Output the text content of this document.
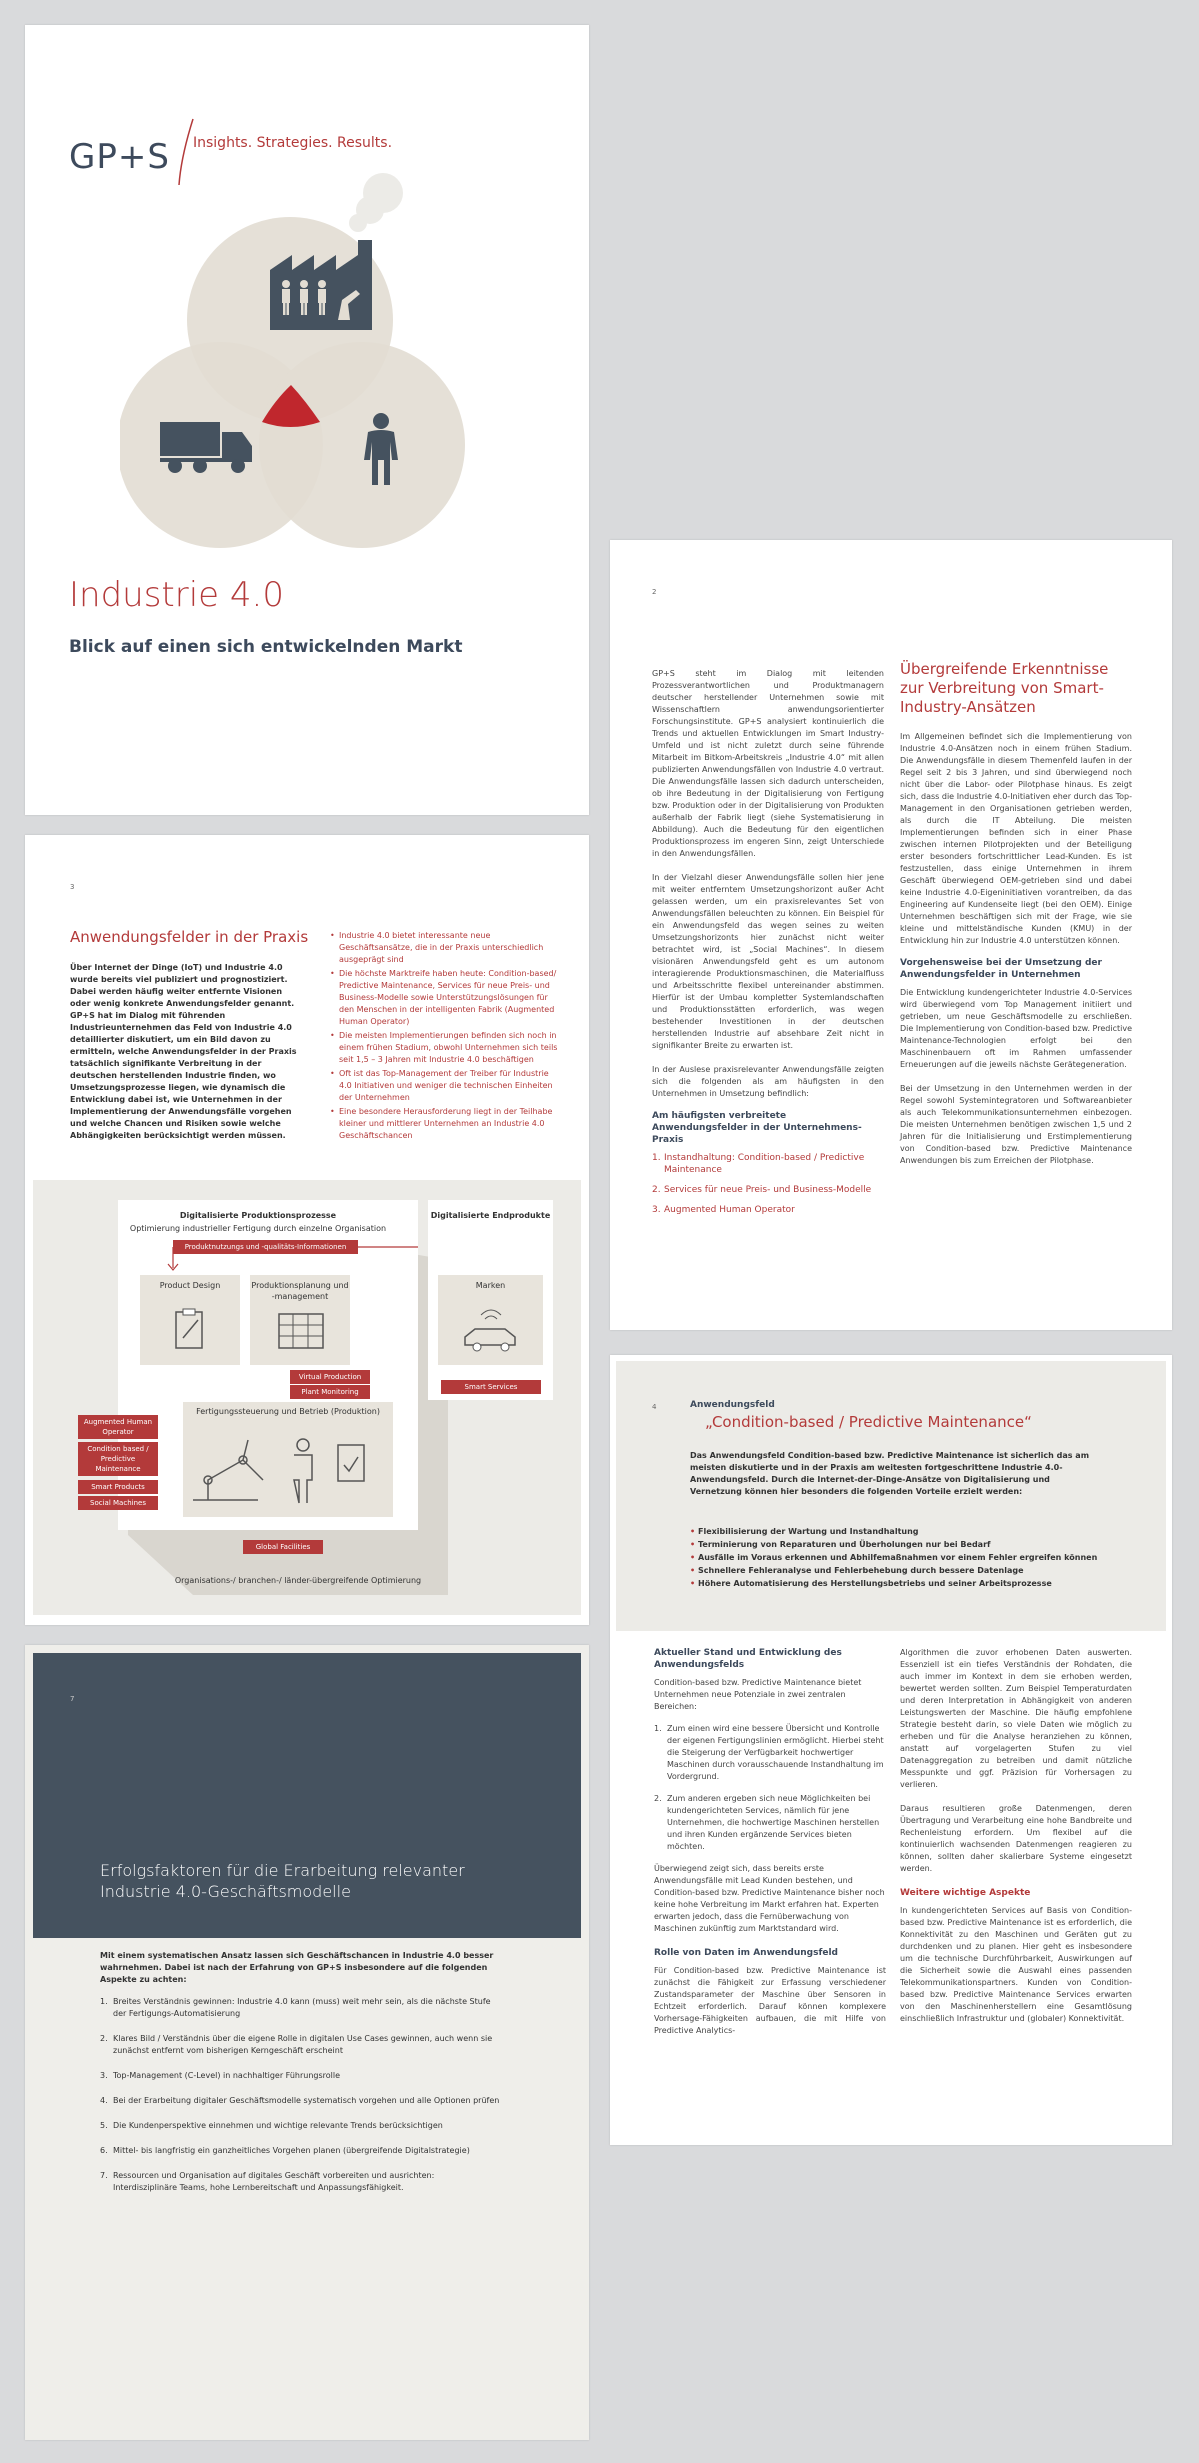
GP+S Insights. Strategies. Results.
Industrie 4.0
Blick auf einen sich entwickelnden Markt
2

GP+S steht im Dialog mit leitenden Prozessverantwortlichen und Produktmanagern deutscher herstellender Unternehmen sowie mit Wissenschaftlern anwendungsorientierter Forschungsinstitute. GP+S analysiert kontinuierlich die Trends und aktuellen Entwicklungen im Smart Industry-Umfeld und ist nicht zuletzt durch seine führende Mitarbeit im Bitkom-Arbeitskreis „Industrie 4.0“ mit allen publizierten Anwendungsfällen von Industrie 4.0 vertraut. Die Anwendungsfälle lassen sich dadurch unterscheiden, ob ihre Bedeutung in der Digitalisierung von Fertigung bzw. Produktion oder in der Digitalisierung von Produkten außerhalb der Fabrik liegt (siehe Systematisierung in Abbildung). Auch die Bedeutung für den eigentlichen Produktionsprozess im engeren Sinn, zeigt Unterschiede in den Anwendungsfällen.

In der Vielzahl dieser Anwendungsfälle sollen hier jene mit weiter entferntem Umsetzungshorizont außer Acht gelassen werden, um ein praxisrelevantes Set von Anwendungsfällen beleuchten zu können. Ein Beispiel für ein Anwendungsfeld das wegen seines zu weiten Umsetzungshorizonts hier zunächst nicht weiter betrachtet wird, ist „Social Machines“. In diesem visionären Anwendungsfeld geht es um autonom interagierende Produktionsmaschinen, die Materialfluss und Arbeitsschritte flexibel untereinander abstimmen. Hierfür ist der Umbau kompletter Systemlandschaften und Produktionsstätten erforderlich, was wegen bestehender Investitionen in der deutschen herstellenden Industrie auf absehbare Zeit nicht in signifikanter Breite zu erwarten ist.

In der Auslese praxisrelevanter Anwendungsfälle zeigten sich die folgenden als am häufigsten in den Unternehmen in Umsetzung befindlich:

Am häufigsten verbreitete Anwendungsfelder in der Unternehmens-Praxis
1. Instandhaltung: Condition-based / Predictive Maintenance
2. Services für neue Preis- und Business-Modelle
3. Augmented Human Operator
Übergreifende Erkenntnisse zur Verbreitung von Smart-Industry-Ansätzen

Im Allgemeinen befindet sich die Implementierung von Industrie 4.0-Ansätzen noch in einem frühen Stadium. Die Anwendungsfälle in diesem Themenfeld laufen in der Regel seit 2 bis 3 Jahren, und sind überwiegend noch nicht über die Labor- oder Pilotphase hinaus. Es zeigt sich, dass die Industrie 4.0-Initiativen eher durch das Top-Management in den Organisationen getrieben werden, als durch die IT Abteilung. Die meisten Implementierungen befinden sich in einer Phase zwischen internen Pilotprojekten und der Beteiligung erster besonders fortschrittlicher Lead-Kunden. Es ist festzustellen, dass einige Unternehmen in ihrem Geschäft überwiegend OEM-getrieben sind und dabei keine Industrie 4.0-Eigeninitiativen vorantreiben, da das Engineering auf Kundenseite liegt (bei den OEM). Einige Unternehmen beschäftigen sich mit der Frage, wie sie kleine und mittelständische Kunden (KMU) in der Entwicklung hin zur Industrie 4.0 unterstützen können.

Vorgehensweise bei der Umsetzung der Anwendungsfelder in Unternehmen

Die Entwicklung kundengerichteter Industrie 4.0-Services wird überwiegend vom Top Management initiiert und getrieben, um neue Geschäftsmodelle zu erschließen. Die Implementierung von Condition-based bzw. Predictive Maintenance-Technologien erfolgt bei den Maschinenbauern oft im Rahmen umfassender Erneuerungen auf die jeweils nächste Gerätegeneration.

Bei der Umsetzung in den Unternehmen werden in der Regel sowohl Systemintegratoren und Softwareanbieter als auch Telekommunikationsunternehmen einbezogen. Die meisten Unternehmen benötigen zwischen 1,5 und 2 Jahren für die Initialisierung und Erstimplementierung von Condition-based bzw. Predictive Maintenance Anwendungen bis zum Erreichen der Pilotphase.

3
Anwendungsfelder in der Praxis

Über Internet der Dinge (IoT) und Industrie 4.0 wurde bereits viel publiziert und prognostiziert. Dabei werden häufig weiter entfernte Visionen oder wenig konkrete Anwendungsfelder genannt. GP+S hat im Dialog mit führenden Industrieunternehmen das Feld von Industrie 4.0 detaillierter diskutiert, um ein Bild davon zu ermitteln, welche Anwendungsfelder in der Praxis tatsächlich signifikante Verbreitung in der deutschen herstellenden Industrie finden, wo Umsetzungsprozesse liegen, wie dynamisch die Entwicklung dabei ist, wie Unternehmen in der Implementierung der Anwendungsfälle vorgehen und welche Chancen und Risiken sowie welche Abhängigkeiten berücksichtigt werden müssen.

• Industrie 4.0 bietet interessante neue Geschäftsansätze, die in der Praxis unterschiedlich ausgeprägt sind
• Die höchste Marktreife haben heute: Condition-based/ Predictive Maintenance, Services für neue Preis- und Business-Modelle sowie Unterstützungslösungen für den Menschen in der intelligenten Fabrik (Augmented Human Operator)
• Die meisten Implementierungen befinden sich noch in einem frühen Stadium, obwohl Unternehmen sich teils seit 1,5 – 3 Jahren mit Industrie 4.0 beschäftigen
• Oft ist das Top-Management der Treiber für Industrie 4.0 Initiativen und weniger die technischen Einheiten der Unternehmen
• Eine besondere Herausforderung liegt in der Teilhabe kleiner und mittlerer Unternehmen an Industrie 4.0 Geschäftschancen
Digitalisierte Produktionsprozesse
Optimierung industrieller Fertigung durch einzelne Organisation
Produktnutzungs und -qualitäts-Informationen
Product Design	Produktionsplanung und -management
Virtual Production
Plant Monitoring
Fertigungssteuerung und Betrieb (Produktion)
Digitalisierte Endprodukte
Marken
Smart Services
Augmented Human Operator
Condition based / Predictive Maintenance
Smart Products
Social Machines
Global Facilities
Organisations-/ branchen-/ länder-übergreifende Optimierung
4	Anwendungsfeld
„Condition-based / Predictive Maintenance“

Das Anwendungsfeld Condition-based bzw. Predictive Maintenance ist sicherlich das am meisten diskutierte und in der Praxis am weitesten fortgeschrittene Industrie 4.0-Anwendungsfeld. Durch die Internet-der-Dinge-Ansätze von Digitalisierung und Vernetzung können hier besonders die folgenden Vorteile erzielt werden:

• Flexibilisierung der Wartung und Instandhaltung
• Terminierung von Reparaturen und Überholungen nur bei Bedarf
• Ausfälle im Voraus erkennen und Abhilfemaßnahmen vor einem Fehler ergreifen können
• Schnellere Fehleranalyse und Fehlerbehebung durch bessere Datenlage
• Höhere Automatisierung des Herstellungsbetriebs und seiner Arbeitsprozesse
Aktueller Stand und Entwicklung des Anwendungsfelds

Condition-based bzw. Predictive Maintenance bietet Unternehmen neue Potenziale in zwei zentralen Bereichen:

1. Zum einen wird eine bessere Übersicht und Kontrolle der eigenen Fertigungslinien ermöglicht. Hierbei steht die Steigerung der Verfügbarkeit hochwertiger Maschinen durch vorausschauende Instandhaltung im Vordergrund.

2. Zum anderen ergeben sich neue Möglichkeiten bei kundengerichteten Services, nämlich für jene Unternehmen, die hochwertige Maschinen herstellen und ihren Kunden ergänzende Services bieten möchten.

Überwiegend zeigt sich, dass bereits erste Anwendungsfälle mit Lead Kunden bestehen, und Condition-based bzw. Predictive Maintenance bisher noch keine hohe Verbreitung im Markt erfahren hat. Experten erwarten jedoch, dass die Fernüberwachung von Maschinen zukünftig zum Marktstandard wird.

Rolle von Daten im Anwendungsfeld

Für Condition-based bzw. Predictive Maintenance ist zunächst die Fähigkeit zur Erfassung verschiedener Zustandsparameter der Maschine über Sensoren in Echtzeit erforderlich. Darauf können komplexere Vorhersage-Fähigkeiten aufbauen, die mit Hilfe von Predictive Analytics-

Algorithmen die zuvor erhobenen Daten auswerten. Essenziell ist ein tiefes Verständnis der Rohdaten, die auch immer im Kontext in dem sie erhoben werden, bewertet werden sollten. Zum Beispiel Temperaturdaten und deren Interpretation in Abhängigkeit von anderen Leistungswerten der Maschine. Die häufig empfohlene Strategie besteht darin, so viele Daten wie möglich zu erheben und für die Analyse heranziehen zu können, anstatt auf vorgelagerten Stufen zu viel Datenaggregation zu betreiben und damit nützliche Messpunkte und ggf. Präzision für Vorhersagen zu verlieren.

Daraus resultieren große Datenmengen, deren Übertragung und Verarbeitung eine hohe Bandbreite und Rechenleistung erfordern. Um flexibel auf die kontinuierlich wachsenden Datenmengen reagieren zu können, sollten daher skalierbare Systeme eingesetzt werden.

Weitere wichtige Aspekte

In kundengerichteten Services auf Basis von Condition-based bzw. Predictive Maintenance ist es erforderlich, die Konnektivität zu den Maschinen und Geräten gut zu durchdenken und zu planen. Hier geht es insbesondere um die technische Durchführbarkeit, Auswirkungen auf die Sicherheit sowie die Auswahl eines passenden Telekommunikationspartners. Kunden von Condition-based bzw. Predictive Maintenance Services erwarten von den Maschinenherstellern eine Gesamtlösung einschließlich Infrastruktur und (globaler) Konnektivität.

7
Erfolgsfaktoren für die Erarbeitung relevanter
Industrie 4.0-Geschäftsmodelle

Mit einem systematischen Ansatz lassen sich Geschäftschancen in Industrie 4.0 besser wahrnehmen. Dabei ist nach der Erfahrung von GP+S insbesondere auf die folgenden Aspekte zu achten:

1. Breites Verständnis gewinnen: Industrie 4.0 kann (muss) weit mehr sein, als die nächste Stufe der Fertigungs-Automatisierung
2. Klares Bild / Verständnis über die eigene Rolle in digitalen Use Cases gewinnen, auch wenn sie zunächst entfernt vom bisherigen Kerngeschäft erscheint
3. Top-Management (C-Level) in nachhaltiger Führungsrolle
4. Bei der Erarbeitung digitaler Geschäftsmodelle systematisch vorgehen und alle Optionen prüfen
5. Die Kundenperspektive einnehmen und wichtige relevante Trends berücksichtigen
6. Mittel- bis langfristig ein ganzheitliches Vorgehen planen (übergreifende Digitalstrategie)
7. Ressourcen und Organisation auf digitales Geschäft vorbereiten und ausrichten: Interdisziplinäre Teams, hohe Lernbereitschaft und Anpassungsfähigkeit.
